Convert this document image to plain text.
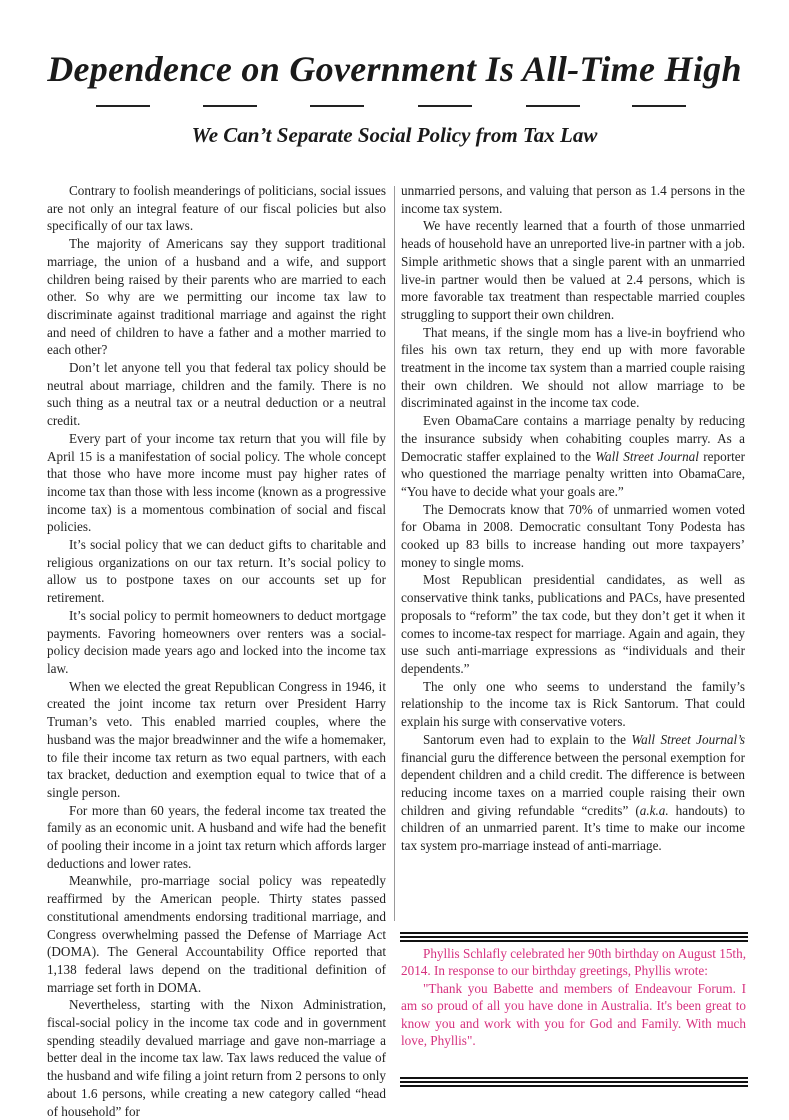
Dependence on Government Is All-Time High
We Can’t Separate Social Policy from Tax Law

Contrary to foolish meanderings of politicians, social issues are not only an integral feature of our fiscal policies but also specifically of our tax laws.

The majority of Americans say they support traditional marriage, the union of a husband and a wife, and support children being raised by their parents who are married to each other. So why are we permitting our income tax law to discriminate against traditional marriage and against the right and need of children to have a father and a mother married to each other?

Don’t let anyone tell you that federal tax policy should be neutral about marriage, children and the family. There is no such thing as a neutral tax or a neutral deduction or a neutral credit.

Every part of your income tax return that you will file by April 15 is a manifestation of social policy. The whole concept that those who have more income must pay higher rates of income tax than those with less income (known as a progressive income tax) is a momentous combination of social and fiscal policies.

It’s social policy that we can deduct gifts to charitable and religious organizations on our tax return. It’s social policy to allow us to postpone taxes on our accounts set up for retirement.

It’s social policy to permit homeowners to deduct mortgage payments. Favoring homeowners over renters was a social-policy decision made years ago and locked into the income tax law.

When we elected the great Republican Congress in 1946, it created the joint income tax return over President Harry Truman’s veto. This enabled married couples, where the husband was the major breadwinner and the wife a homemaker, to file their income tax return as two equal partners, with each tax bracket, deduction and exemption equal to twice that of a single person.

For more than 60 years, the federal income tax treated the family as an economic unit. A husband and wife had the benefit of pooling their income in a joint tax return which affords larger deductions and lower rates.

Meanwhile, pro-marriage social policy was repeatedly reaffirmed by the American people. Thirty states passed constitutional amendments endorsing traditional marriage, and Congress overwhelming passed the Defense of Marriage Act (DOMA). The General Accountability Office reported that 1,138 federal laws depend on the traditional definition of marriage set forth in DOMA.

Nevertheless, starting with the Nixon Administration, fiscal-social policy in the income tax code and in government spending steadily devalued marriage and gave non-marriage a better deal in the income tax law. Tax laws reduced the value of the husband and wife filing a joint return from 2 persons to only about 1.6 persons, while creating a new category called “head of household” for

unmarried persons, and valuing that person as 1.4 persons in the income tax system.

We have recently learned that a fourth of those unmarried heads of household have an unreported live-in partner with a job. Simple arithmetic shows that a single parent with an unmarried live-in partner would then be valued at 2.4 persons, which is more favorable tax treatment than respectable married couples struggling to support their own children.

That means, if the single mom has a live-in boyfriend who files his own tax return, they end up with more favorable treatment in the income tax system than a married couple raising their own children. We should not allow marriage to be discriminated against in the income tax code.

Even ObamaCare contains a marriage penalty by reducing the insurance subsidy when cohabiting couples marry. As a Democratic staffer explained to the Wall Street Journal reporter who questioned the marriage penalty written into ObamaCare, “You have to decide what your goals are.”

The Democrats know that 70% of unmarried women voted for Obama in 2008. Democratic consultant Tony Podesta has cooked up 83 bills to increase handing out more taxpayers’ money to single moms.

Most Republican presidential candidates, as well as conservative think tanks, publications and PACs, have presented proposals to “reform” the tax code, but they don’t get it when it comes to income-tax respect for marriage. Again and again, they use such anti-marriage expressions as “individuals and their dependents.”

The only one who seems to understand the family’s relationship to the income tax is Rick Santorum. That could explain his surge with conservative voters.

Santorum even had to explain to the Wall Street Journal’s financial guru the difference between the personal exemption for dependent children and a child credit. The difference is between reducing income taxes on a married couple raising their own children and giving refundable “credits” (a.k.a. handouts) to children of an unmarried parent. It’s time to make our income tax system pro-marriage instead of anti-marriage.

Phyllis Schlafly celebrated her 90th birthday on August 15th, 2014. In response to our birthday greetings, Phyllis wrote:

"Thank you Babette and members of Endeavour Forum. I am so proud of all you have done in Australia. It's been great to know you and work with you for God and Family. With much love, Phyllis".
